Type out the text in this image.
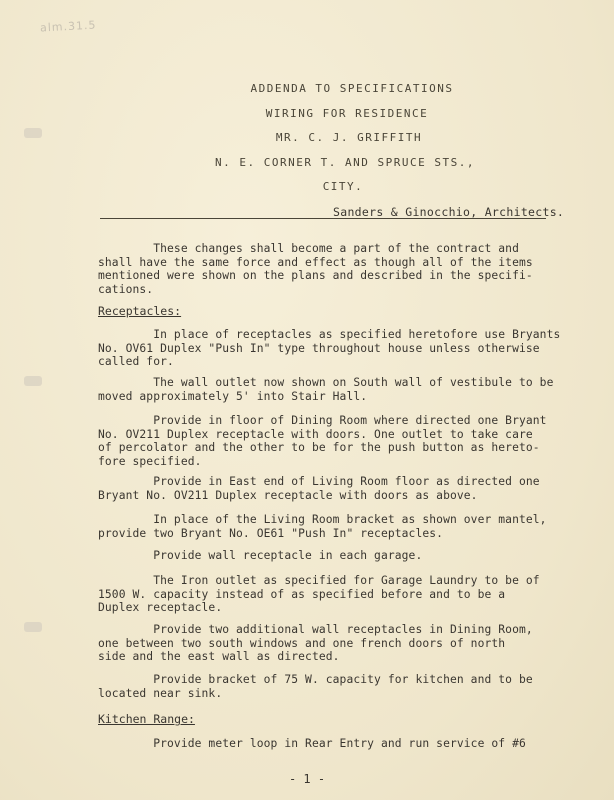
alm.31.5
ADDENDA TO SPECIFICATIONS
WIRING FOR RESIDENCE
MR. C. J. GRIFFITH
N. E. CORNER T. AND SPRUCE STS.,
CITY.
Sanders & Ginocchio, Architects.
These changes shall become a part of the contract and
shall have the same force and effect as though all of the items
mentioned were shown on the plans and described in the specifi-
cations.
Receptacles:
In place of receptacles as specified heretofore use Bryants
No. OV61 Duplex "Push In" type throughout house unless otherwise
called for.
The wall outlet now shown on South wall of vestibule to be
moved approximately 5' into Stair Hall.
Provide in floor of Dining Room where directed one Bryant
No. OV211 Duplex receptacle with doors. One outlet to take care
of percolator and the other to be for the push button as hereto-
fore specified.
Provide in East end of Living Room floor as directed one
Bryant No. OV211 Duplex receptacle with doors as above.
In place of the Living Room bracket as shown over mantel,
provide two Bryant No. OE61 "Push In" receptacles.
Provide wall receptacle in each garage.
The Iron outlet as specified for Garage Laundry to be of
1500 W. capacity instead of as specified before and to be a
Duplex receptacle.
Provide two additional wall receptacles in Dining Room,
one between two south windows and one french doors of north
side and the east wall as directed.
Provide bracket of 75 W. capacity for kitchen and to be
located near sink.
Kitchen Range:
Provide meter loop in Rear Entry and run service of #6
- 1 -
